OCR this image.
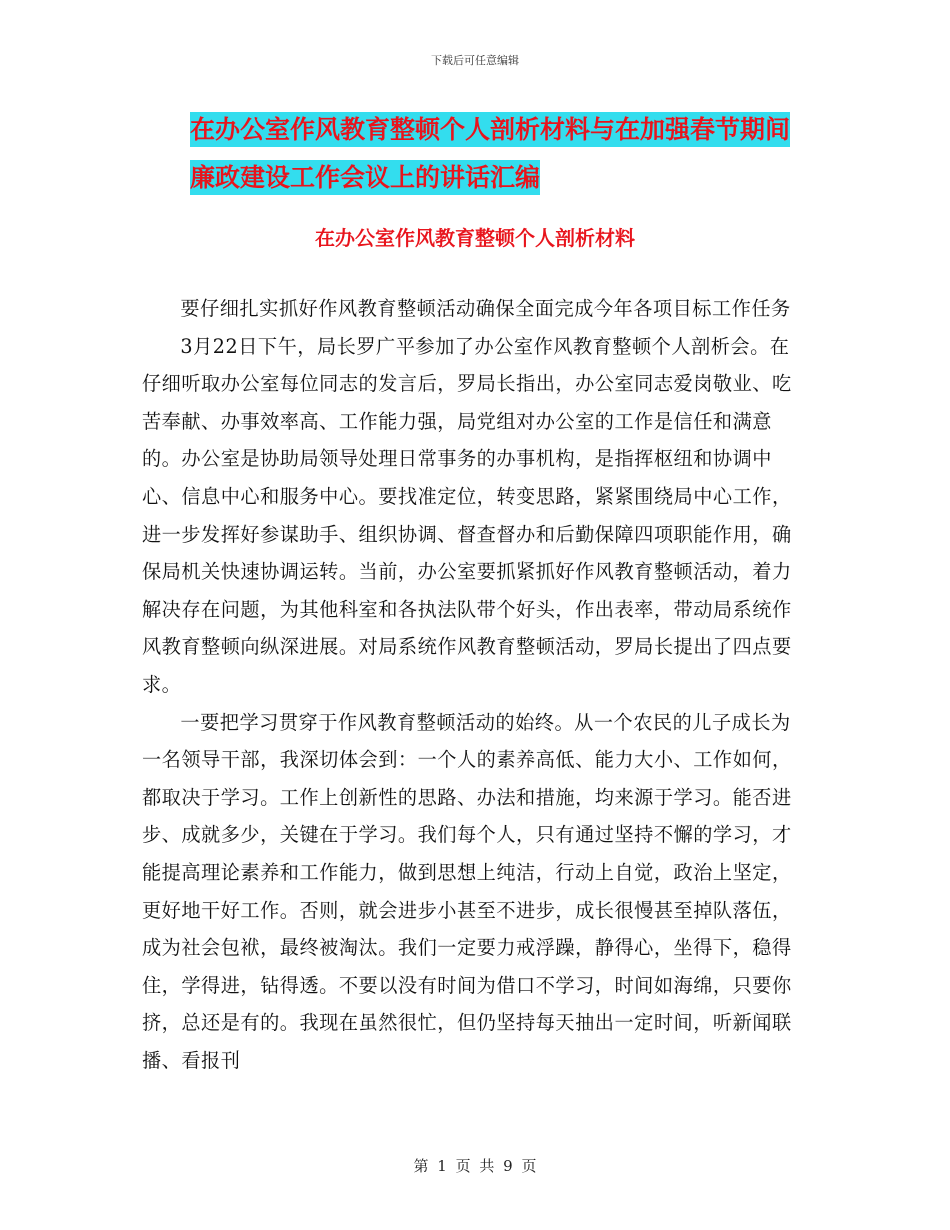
下载后可任意编辑
在办公室作风教育整顿个人剖析材料与在加强春节期间廉政建设工作会议上的讲话汇编
在办公室作风教育整顿个人剖析材料

要仔细扎实抓好作风教育整顿活动确保全面完成今年各项目标工作任务

3月22日下午，局长罗广平参加了办公室作风教育整顿个人剖析会。在仔细听取办公室每位同志的发言后，罗局长指出，办公室同志爱岗敬业、吃苦奉献、办事效率高、工作能力强，局党组对办公室的工作是信任和满意的。办公室是协助局领导处理日常事务的办事机构，是指挥枢纽和协调中心、信息中心和服务中心。要找准定位，转变思路，紧紧围绕局中心工作，进一步发挥好参谋助手、组织协调、督查督办和后勤保障四项职能作用，确保局机关快速协调运转。当前，办公室要抓紧抓好作风教育整顿活动，着力解决存在问题，为其他科室和各执法队带个好头，作出表率，带动局系统作风教育整顿向纵深进展。对局系统作风教育整顿活动，罗局长提出了四点要求。

一要把学习贯穿于作风教育整顿活动的始终。从一个农民的儿子成长为一名领导干部，我深切体会到：一个人的素养高低、能力大小、工作如何，都取决于学习。工作上创新性的思路、办法和措施，均来源于学习。能否进步、成就多少，关键在于学习。我们每个人，只有通过坚持不懈的学习，才能提高理论素养和工作能力，做到思想上纯洁，行动上自觉，政治上坚定，更好地干好工作。否则，就会进步小甚至不进步，成长很慢甚至掉队落伍，成为社会包袱，最终被淘汰。我们一定要力戒浮躁，静得心，坐得下，稳得住，学得进，钻得透。不要以没有时间为借口不学习，时间如海绵，只要你挤，总还是有的。我现在虽然很忙，但仍坚持每天抽出一定时间，听新闻联播、看报刊

第 1 页 共 9 页
